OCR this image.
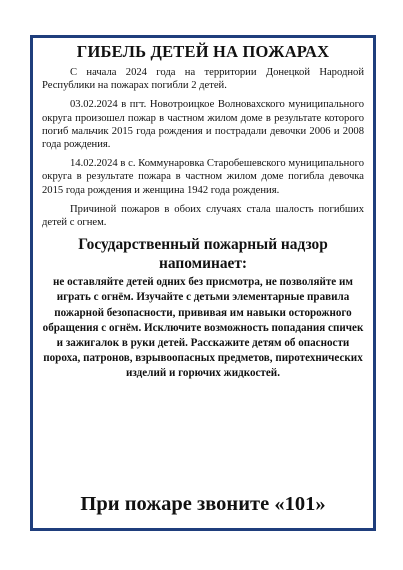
ГИБЕЛЬ ДЕТЕЙ НА ПОЖАРАХ

С начала 2024 года на территории Донецкой Народной Республики на пожарах погибли 2 детей.

03.02.2024 в пгт. Новотроицкое Волновахского муниципального округа произошел пожар в частном жилом доме в результате которого погиб мальчик 2015 года рождения и пострадали девочки 2006 и 2008 года рождения.

14.02.2024 в с. Коммунаровка Старобешевского муниципального округа в результате пожара в частном жилом доме погибла девочка 2015 года рождения и женщина 1942 года рождения.

Причиной пожаров в обоих случаях стала шалость погибших детей с огнем.

Государственный пожарный надзор напоминает:
не оставляйте детей одних без присмотра, не позволяйте им играть с огнём. Изучайте с детьми элементарные правила пожарной безопасности, прививая им навыки осторожного обращения с огнём. Исключите возможность попадания спичек и зажигалок в руки детей. Расскажите детям об опасности пороха, патронов, взрывоопасных предметов, пиротехнических изделий и горючих жидкостей.
При пожаре звоните «101»
